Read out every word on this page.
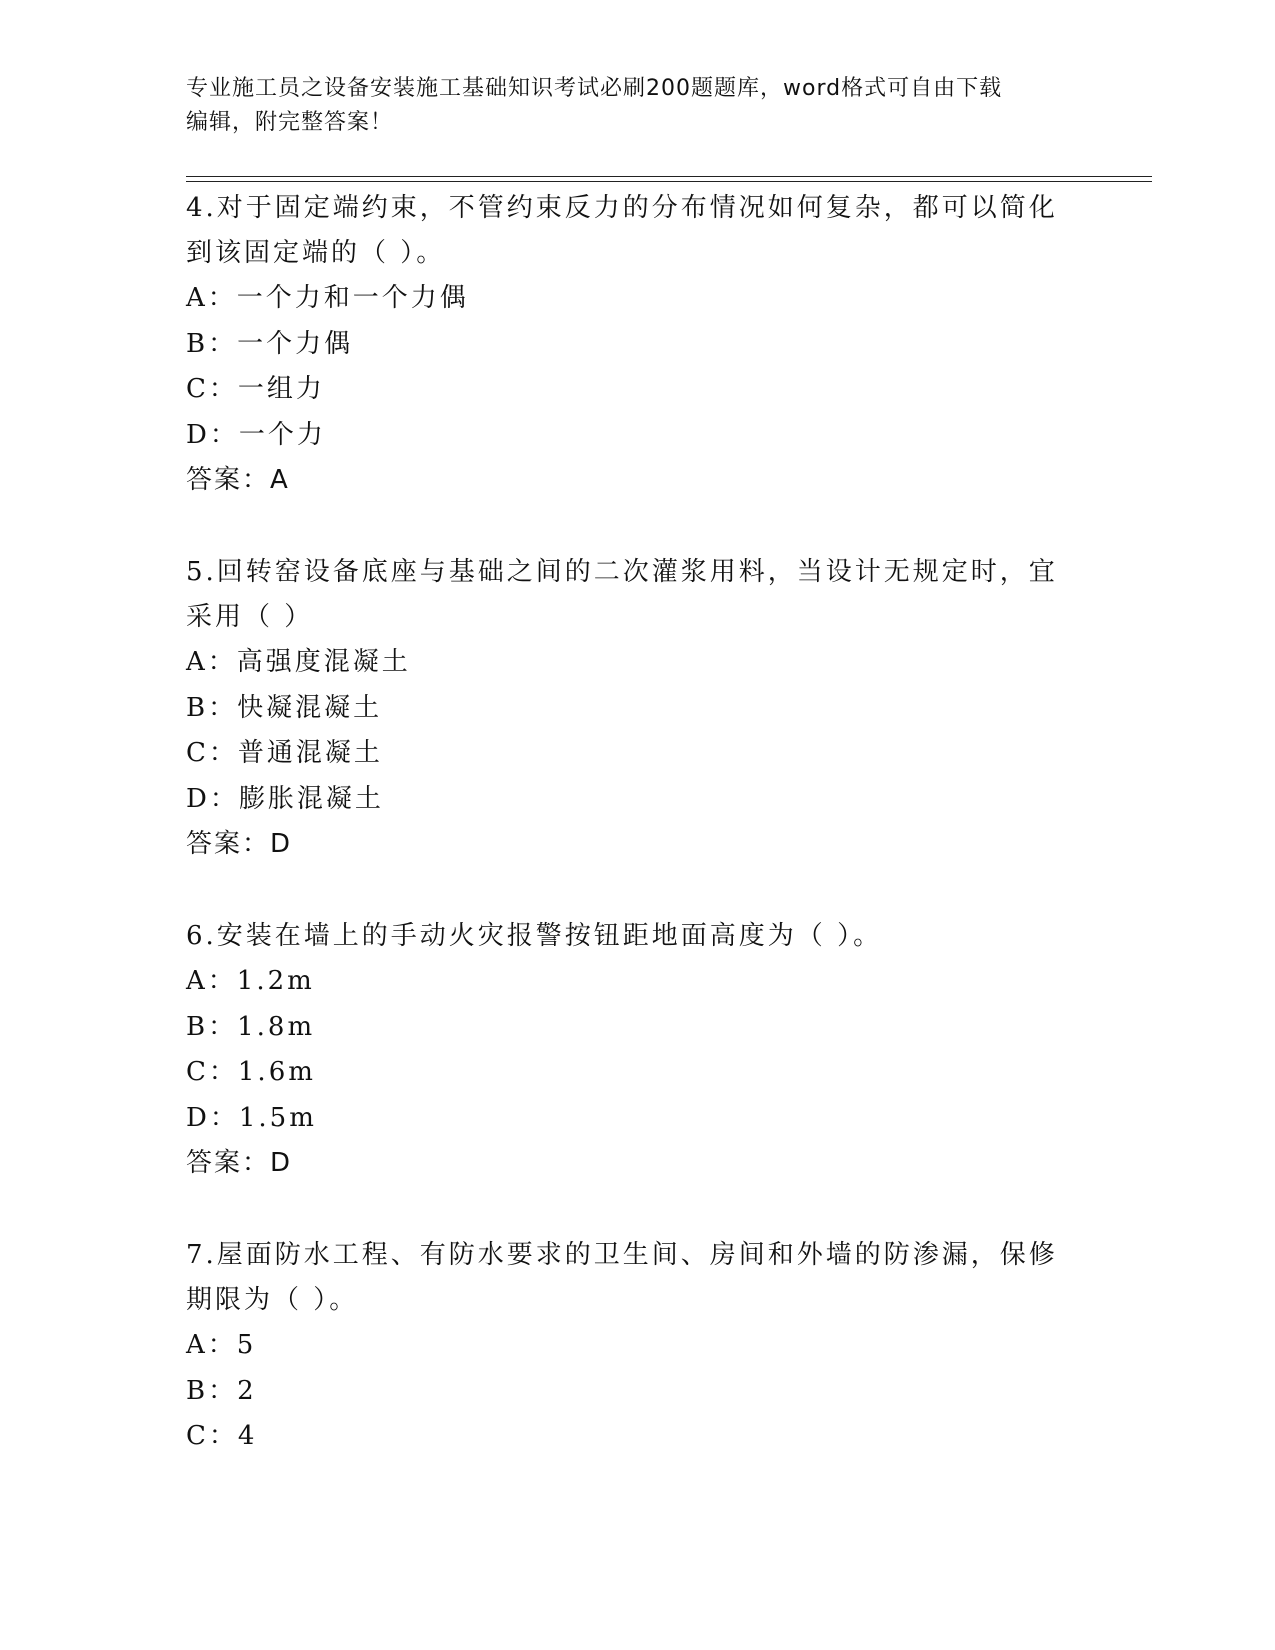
专业施工员之设备安装施工基础知识考试必刷200题题库，word格式可自由下载
编辑，附完整答案！

4.对于固定端约束，不管约束反力的分布情况如何复杂，都可以简化

到该固定端的（ ）。

A：一个力和一个力偶

B：一个力偶

C：一组力

D：一个力

答案：A

5.回转窑设备底座与基础之间的二次灌浆用料，当设计无规定时，宜

采用（ ）

A：高强度混凝土

B：快凝混凝土

C：普通混凝土

D：膨胀混凝土

答案：D

6.安装在墙上的手动火灾报警按钮距地面高度为（ ）。

A：1.2m

B：1.8m

C：1.6m

D：1.5m

答案：D

7.屋面防水工程、有防水要求的卫生间、房间和外墙的防渗漏，保修

期限为（ ）。

A：5

B：2

C：4
